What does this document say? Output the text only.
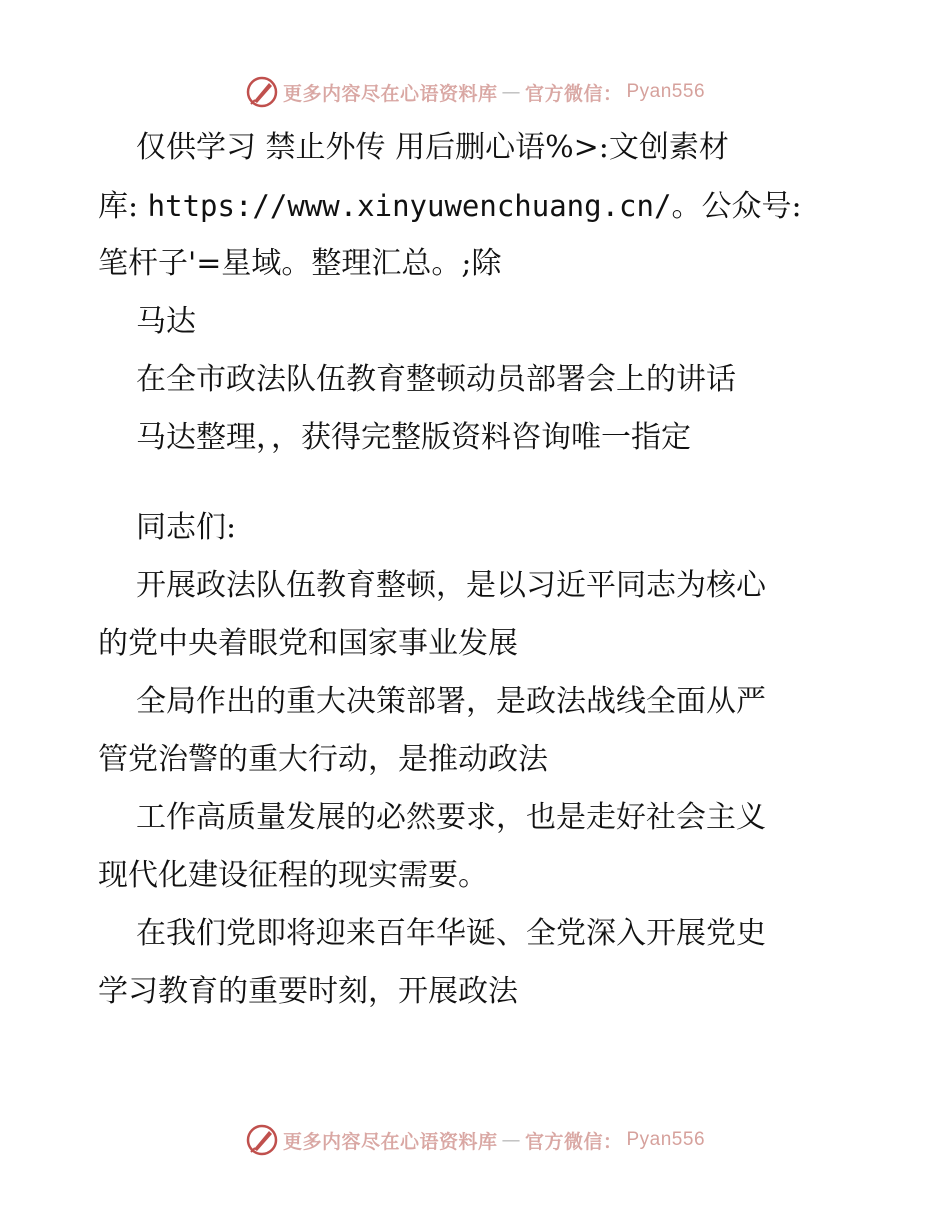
更多内容尽在心语资料库 — 官方微信： Pyan556
仅供学习 禁止外传 用后删心语%>:文创素材
库: https://www.xinyuwenchuang.cn/。公众号:
笔杆子'=星域。整理汇总。;除
马达
在全市政法队伍教育整顿动员部署会上的讲话
马达整理，，获得完整版资料咨询唯一指定
同志们:
开展政法队伍教育整顿，是以习近平同志为核心
的党中央着眼党和国家事业发展
全局作出的重大决策部署，是政法战线全面从严
管党治警的重大行动，是推动政法
工作高质量发展的必然要求，也是走好社会主义
现代化建设征程的现实需要。
在我们党即将迎来百年华诞、全党深入开展党史
学习教育的重要时刻，开展政法
更多内容尽在心语资料库 — 官方微信： Pyan556
